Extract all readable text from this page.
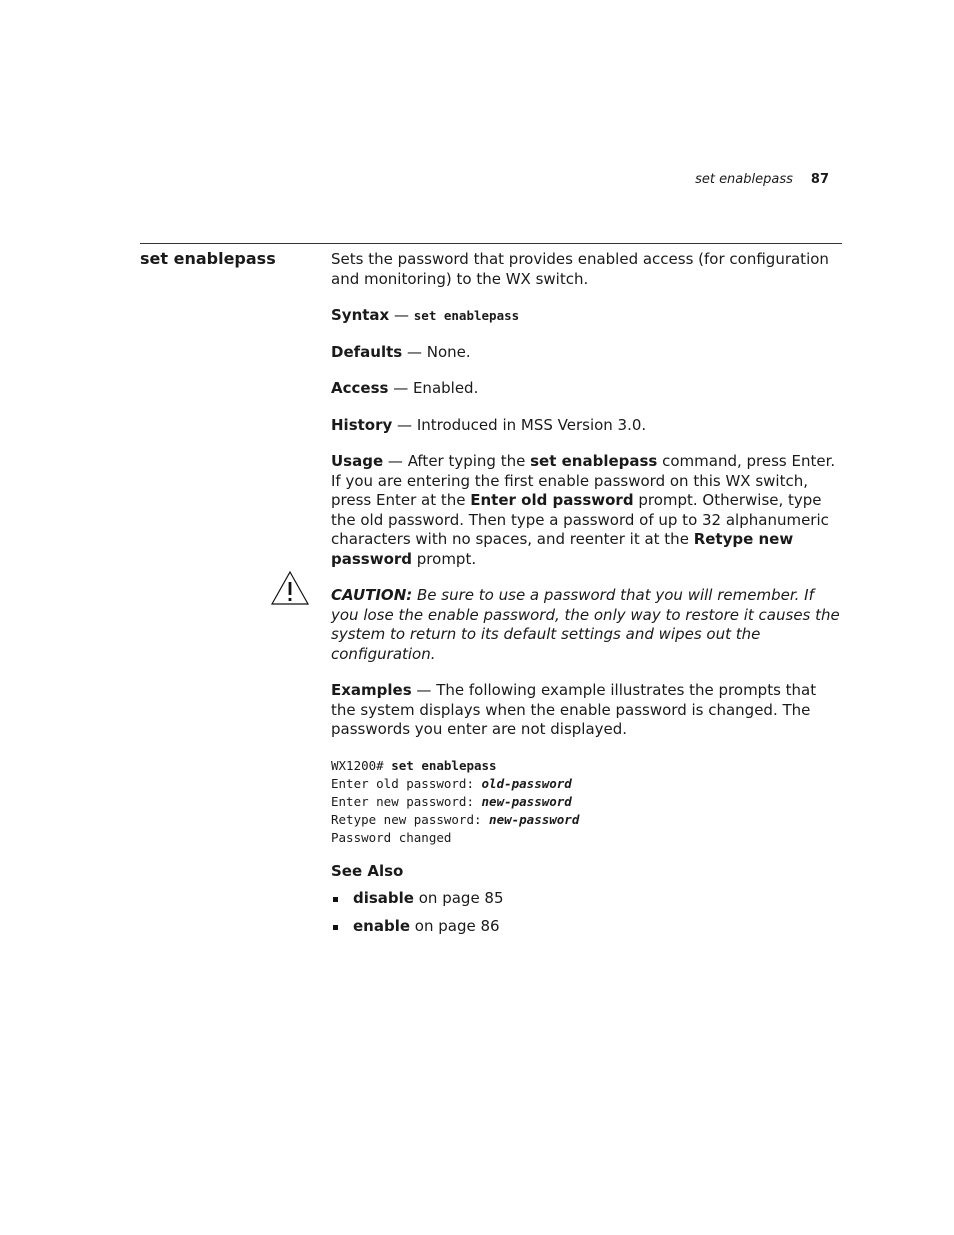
set enablepass 87
set enablepass	Sets the password that provides enabled access (for configuration and monitoring) to the WX switch.

Syntax — set enablepass

Defaults — None.

Access — Enabled.

History — Introduced in MSS Version 3.0.

Usage — After typing the set enablepass command, press Enter. If you are entering the first enable password on this WX switch, press Enter at the Enter old password prompt. Otherwise, type the old password. Then type a password of up to 32 alphanumeric characters with no spaces, and reenter it at the Retype new password prompt.

CAUTION: Be sure to use a password that you will remember. If you lose the enable password, the only way to restore it causes the system to return to its default settings and wipes out the configuration.

Examples — The following example illustrates the prompts that the system displays when the enable password is changed. The passwords you enter are not displayed.

WX1200# set enablepass
Enter old password: old-password
Enter new password: new-password
Retype new password: new-password
Password changed
See Also
disable on page 85
enable on page 86
